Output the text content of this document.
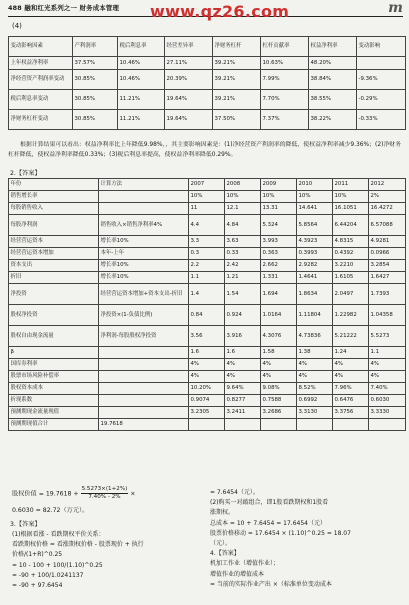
488 融和红光系列之一 财务成本管理	m
www.qz26.com
(4)
变动影响因素	产利润率	税后利息率	经营差异率	净财务杠杆	杠杆贡献率	权益净利率	变动影响
上年权益净利率	37.57%	10.46%	27.11%	39.21%	10.63%	48.20%	
净经营资产利润率变动	30.85%	10.46%	20.39%	39.21%	7.99%	38.84%	-9.36%
税后利息率变动	30.85%	11.21%	19.64%	39.21%	7.70%	38.55%	-0.29%
净财务杠杆变动	30.85%	11.21%	19.64%	37.50%	7.37%	38.22%	-0.33%
根据计算结果可以看出：权益净利率比上年降低9.98%，，其主要影响因素是：(1)净经营资产利润率的降低，使权益净利率减少9.36%；(2)净财务杠杆降低，使权益净利率降低0.33%；(3)税后利息率提高，使权益净利率降低0.29%。
2.【答案】
年份	计算方法	2007	2008	2009	2010	2011	2012
销售增长率		10%	10%	10%	10%	10%	2%
每股销售收入		11	12.1	13.31	14.641	16.1051	16.4272
每股净利润	销售收入×销售净利率4%	4.4	4.84	5.324	5.8564	6.44204	6.57088
经营营运资本	增长率10%	3.3	3.63	3.993	4.3923	4.8315	4.9281
经营营运资本增加	本年-上年	0.3	0.33	0.363	0.3993	0.4392	0.0966
资本支出	增长率10%	2.2	2.42	2.662	2.9282	3.2210	3.2854
折旧	增长率10%	1.1	1.21	1.331	1.4641	1.6105	1.6427
净投资	经营营运资本增加+资本支出-折旧	1.4	1.54	1.694	1.8634	2.0497	1.7393
股权净投资	净投资×(1-负债比例)	0.84	0.924	1.0164	1.11804	1.22982	1.04358
股权自由现金流量	净利润-每股股权净投资	3.56	3.916	4.3076	4.73836	5.21222	5.5273
β		1.6	1.6	1.58	1.38	1.24	1.1
国库券利率		4%	4%	4%	4%	4%	4%
股票市场风险补偿率		4%	4%	4%	4%	4%	4%
股权资本成本		10.20%	9.64%	9.08%	8.52%	7.96%	7.40%
折现系数		0.9074	0.8277	0.7588	0.6992	0.6476	0.6030
预测期现金流量现值		3.2305	3.2411	3.2686	3.3130	3.3756	3.3330
预测期现值合计	19.7618						
股权价值 = $19.7618 + \frac{5.5273\times(1+2\%)}{7.40\% - 2\%}$ ×
0.6030 = 82.72（万元）。
3.【答案】
(1)根据看涨 - 看跌期权平价关系：
看跌期权价格 = 看涨期权价格 - 股票现价 + 执行
价格/(1+R)^0.25
= 10 - 100 + 100/(1.10)^0.25
= -90 + 100/1.0241137
= -90 + 97.6454
= 7.6454（元）。
(2)购买一对敲组合，即1股看跌期权和1股看
涨期权。
总成本 = 10 + 7.6454 = 17.6454（元）
股票价格移动 = 17.6454 × (1.10)^0.25 = 18.07
（元）。
4.【答案】
机加工作业（增值作业）；
增值作业的增值成本
= 当前的实际作业产出 ×（标准单位变动成本
